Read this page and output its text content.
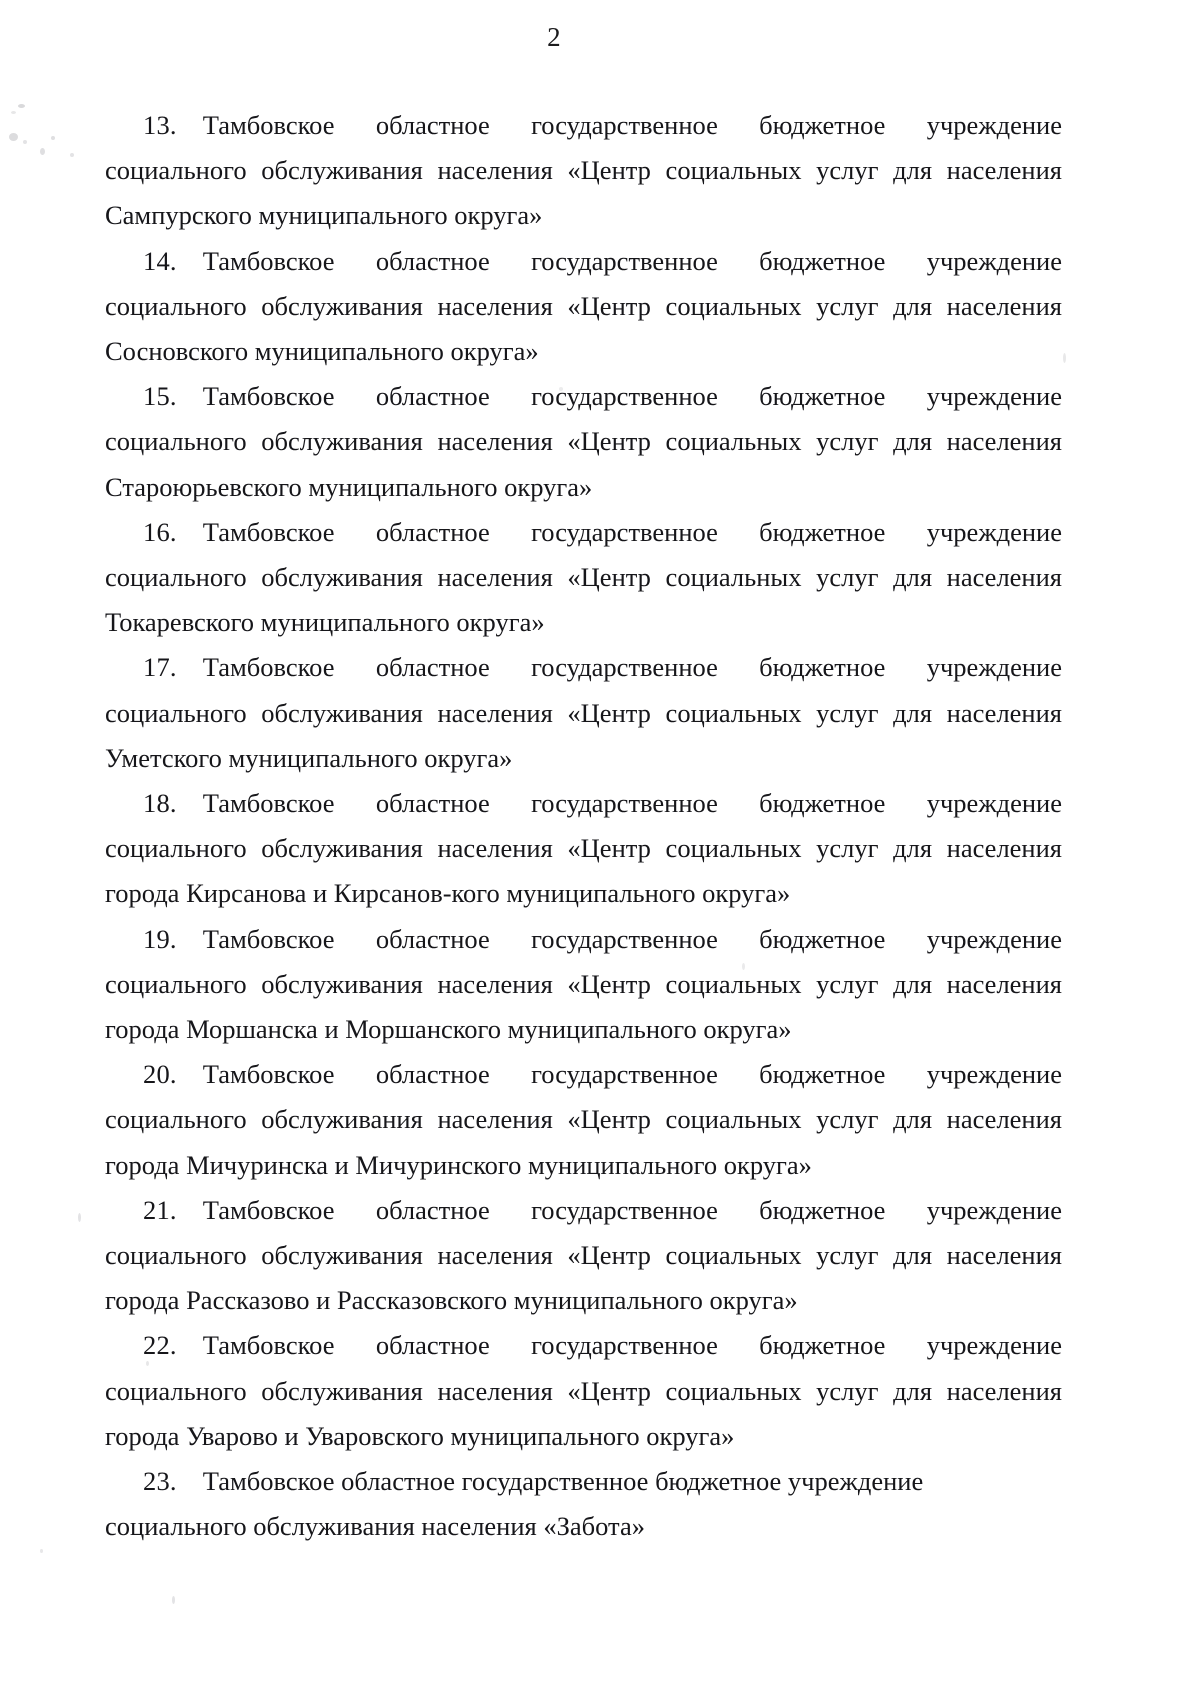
2

13. Тамбовское областное государственное бюджетное учреждение социального обслуживания населения «Центр социальных услуг для населения Сампурского муниципального округа»

14. Тамбовское областное государственное бюджетное учреждение социального обслуживания населения «Центр социальных услуг для населения Сосновского муниципального округа»

15. Тамбовское областное государственное бюджетное учреждение социального обслуживания населения «Центр социальных услуг для населения Староюрьевского муниципального округа»

16. Тамбовское областное государственное бюджетное учреждение социального обслуживания населения «Центр социальных услуг для населения Токаревского муниципального округа»

17. Тамбовское областное государственное бюджетное учреждение социального обслуживания населения «Центр социальных услуг для населения Уметского муниципального округа»

18. Тамбовское областное государственное бюджетное учреждение социального обслуживания населения «Центр социальных услуг для населения города Кирсанова и Кирсанов-кого муниципального округа»

19. Тамбовское областное государственное бюджетное учреждение социального обслуживания населения «Центр социальных услуг для населения города Моршанска и Моршанского муниципального округа»

20. Тамбовское областное государственное бюджетное учреждение социального обслуживания населения «Центр социальных услуг для населения города Мичуринска и Мичуринского муниципального округа»

21. Тамбовское областное государственное бюджетное учреждение социального обслуживания населения «Центр социальных услуг для населения города Рассказово и Рассказовского муниципального округа»

22. Тамбовское областное государственное бюджетное учреждение социального обслуживания населения «Центр социальных услуг для населения города Уварово и Уваровского муниципального округа»

23. Тамбовское областное государственное бюджетное учреждение социального обслуживания населения «Забота»
